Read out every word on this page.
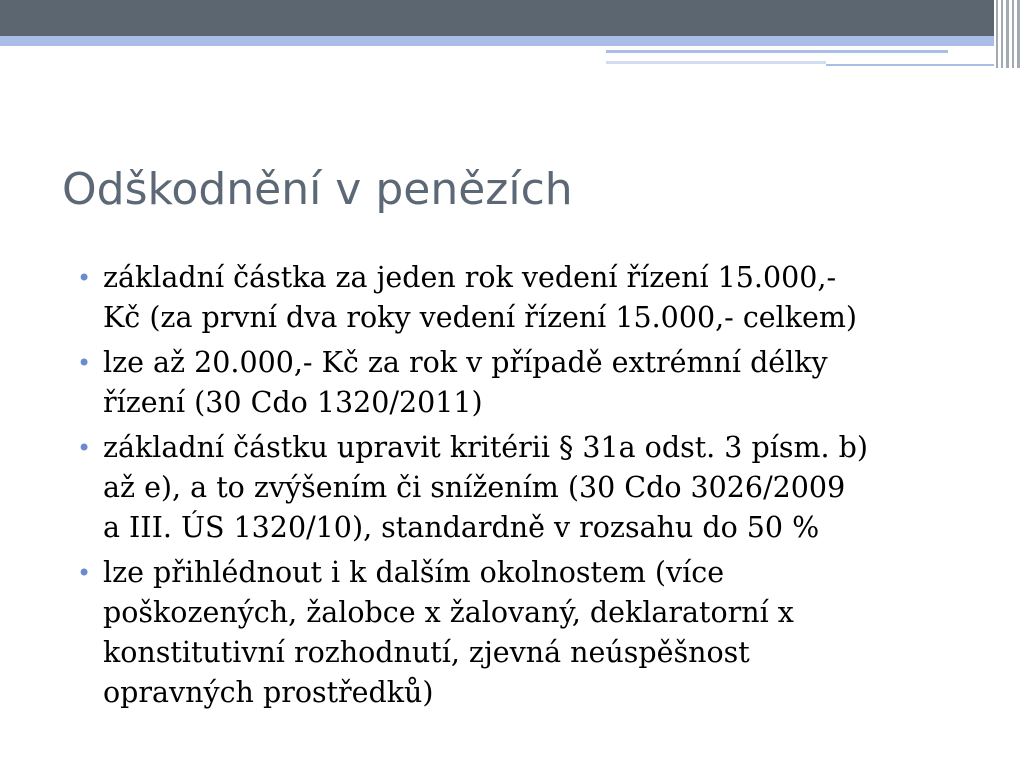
Odškodnění v penězích
• základní částka za jeden rok vedení řízení 15.000,-
Kč (za první dva roky vedení řízení 15.000,- celkem)
• lze až 20.000,- Kč za rok v případě extrémní délky
řízení (30 Cdo 1320/2011)
• základní částku upravit kritérii § 31a odst. 3 písm. b)
až e), a to zvýšením či snížením (30 Cdo 3026/2009
a III. ÚS 1320/10), standardně v rozsahu do 50 %
• lze přihlédnout i k dalším okolnostem (více
poškozených, žalobce x žalovaný, deklaratorní x
konstitutivní rozhodnutí, zjevná neúspěšnost
opravných prostředků)
